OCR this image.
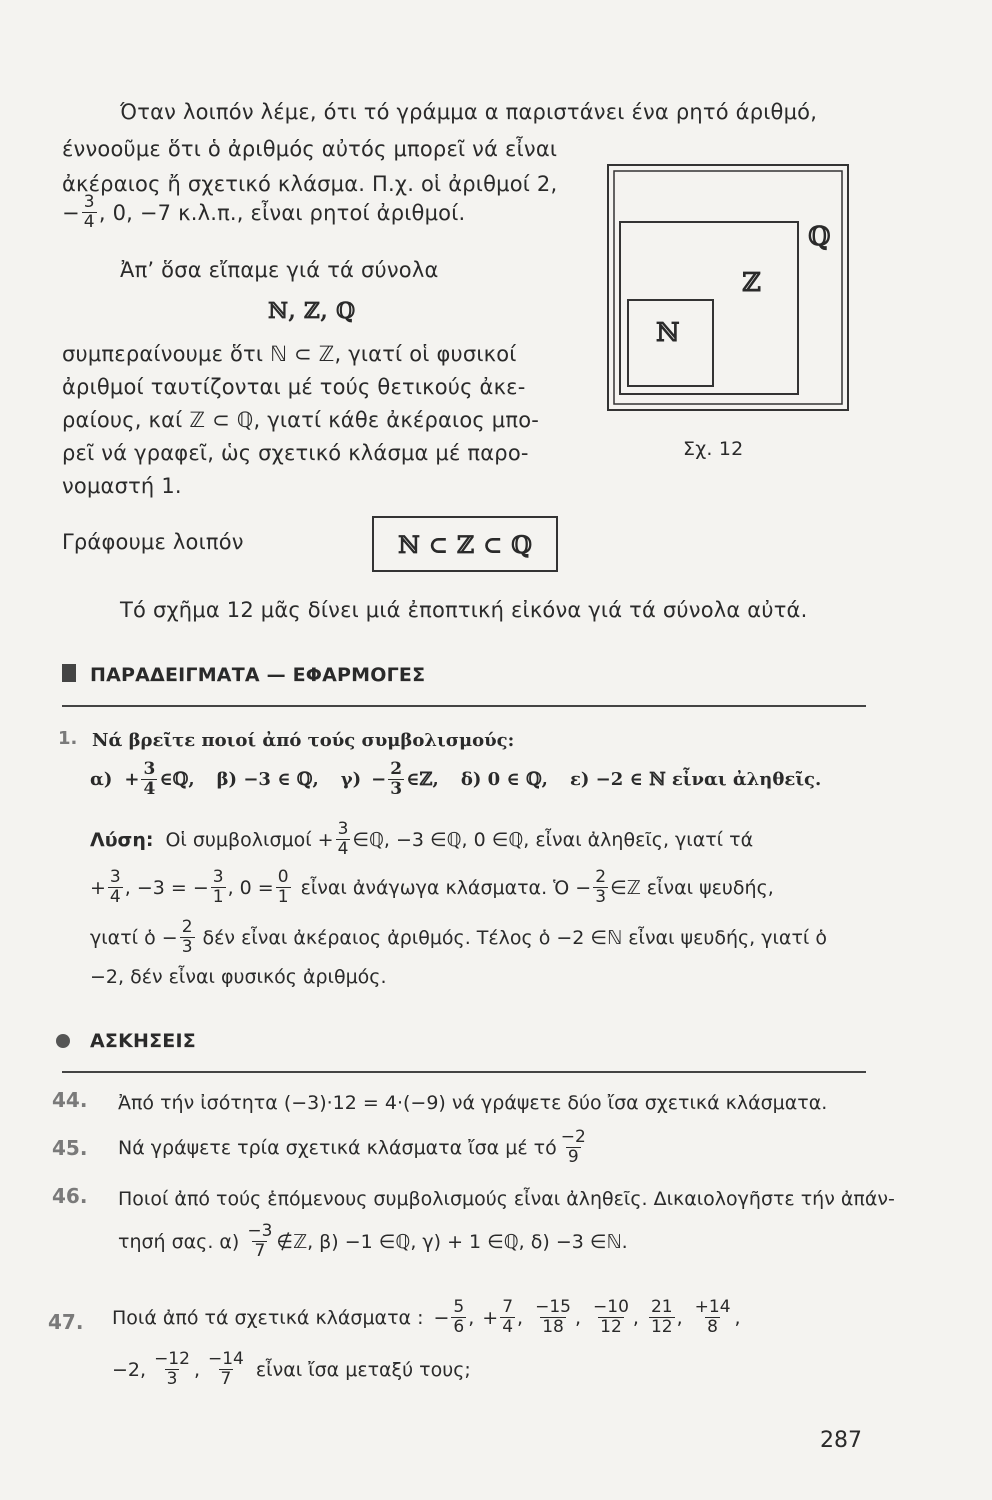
Όταν λοιπόν λέμε, ότι τό γράμμα α παριστάνει ένα ρητό άριθμό,
έννοοῦμε ὅτι ὁ ἀριθμός αὐτός μπορεῖ νά εἶναι
ἀκέραιος ἤ σχετικό κλάσμα. Π.χ. οἱ ἀριθμοί 2,
− $\frac{3}{4}$ , 0, −7 κ.λ.π., εἶναι ρητοί ἀριθμοί.
Ἀπ’ ὅσα εἴπαμε γιά τά σύνολα
ℕ, ℤ, ℚ
συμπεραίνουμε ὅτι ℕ ⊂ ℤ, γιατί οἱ φυσικοί
ἀριθμοί ταυτίζονται μέ τούς θετικούς ἀκε-
ραίους, καί ℤ ⊂ ℚ, γιατί κάθε ἀκέραιος μπο-
ρεῖ νά γραφεῖ, ὡς σχετικό κλάσμα μέ παρο-
νομαστή 1.
ℚ
ℤ
ℕ
Σχ. 12
Γράφουμε λοιπόν	ℕ ⊂ ℤ ⊂ ℚ
Τό σχῆμα 12 μᾶς δίνει μιά ἐποπτική εἰκόνα γιά τά σύνολα αὐτά.
ΠΑΡΑΔΕΙΓΜΑΤΑ — ΕΦΑΡΜΟΓΕΣ
1. Νά βρεῖτε ποιοί ἀπό τούς συμβολισμούς:
$\alpha) + \frac{3}{4}$ ∈ℚ, β) −3 ∈ ℚ, $\gamma) - \frac{2}{3}$ ∈ℤ, δ) 0 ∈ ℚ, ε) −2 ∈ ℕ εἶναι ἀληθεῖς.
Λύση: Οἱ $\sigma\upsilon\mu\beta o\lambda\iota\sigma\mu oί + \frac{3}{4}$ ∈ℚ, −3 ∈ℚ, 0 ∈ℚ, εἶναι ἀληθεῖς, γιατί τά
+ $\frac{3}{4}$ , −3 = − $\frac{3}{1}$ , $0 = \frac{0}{1}$ εἶναι ἀνάγωγα κλάσματα. Ὁ − $\frac{2}{3}$ ∈ℤ εἶναι ψευδής,
γιατί ὁ − $\frac{2}{3}$ δέν εἶναι ἀκέραιος ἀριθμός. Τέλος ὁ −2 ∈ℕ εἶναι ψευδής, γιατί ὁ
−2, δέν εἶναι φυσικός ἀριθμός.
ΑΣΚΗΣΕΙΣ
44. Ἀπό τήν ἰσότητα (−3)·12 = 4·(−9) νά γράψετε δύο ἴσα σχετικά κλάσματα.
45. Νά γράψετε τρία σχετικά κλάσματα ἴσα μέ τό $\frac{-2}{9}$
46. Ποιοί ἀπό τούς ἑπόμενους συμβολισμούς εἶναι ἀληθεῖς. Δικαιολογῆστε τήν ἀπάν-
τησή σας. $\alpha) \frac{-3}{7}$ ∉ℤ, β) −1 ∈ℚ, γ) + 1 ∈ℚ, δ) −3 ∈ℕ.
47. Ποιά ἀπό τά σχετικά κλάσματα : − $\frac{5}{6}$ , + $\frac{7}{4}$ , $\frac{-15}{18}$ , $\frac{-10}{12}$ , $\frac{21}{12}$ , $\frac{+14}{8}$ ,
−2, $\frac{-12}{3}$ , $\frac{-14}{7}$ εἶναι ἴσα μεταξύ τους;
287
